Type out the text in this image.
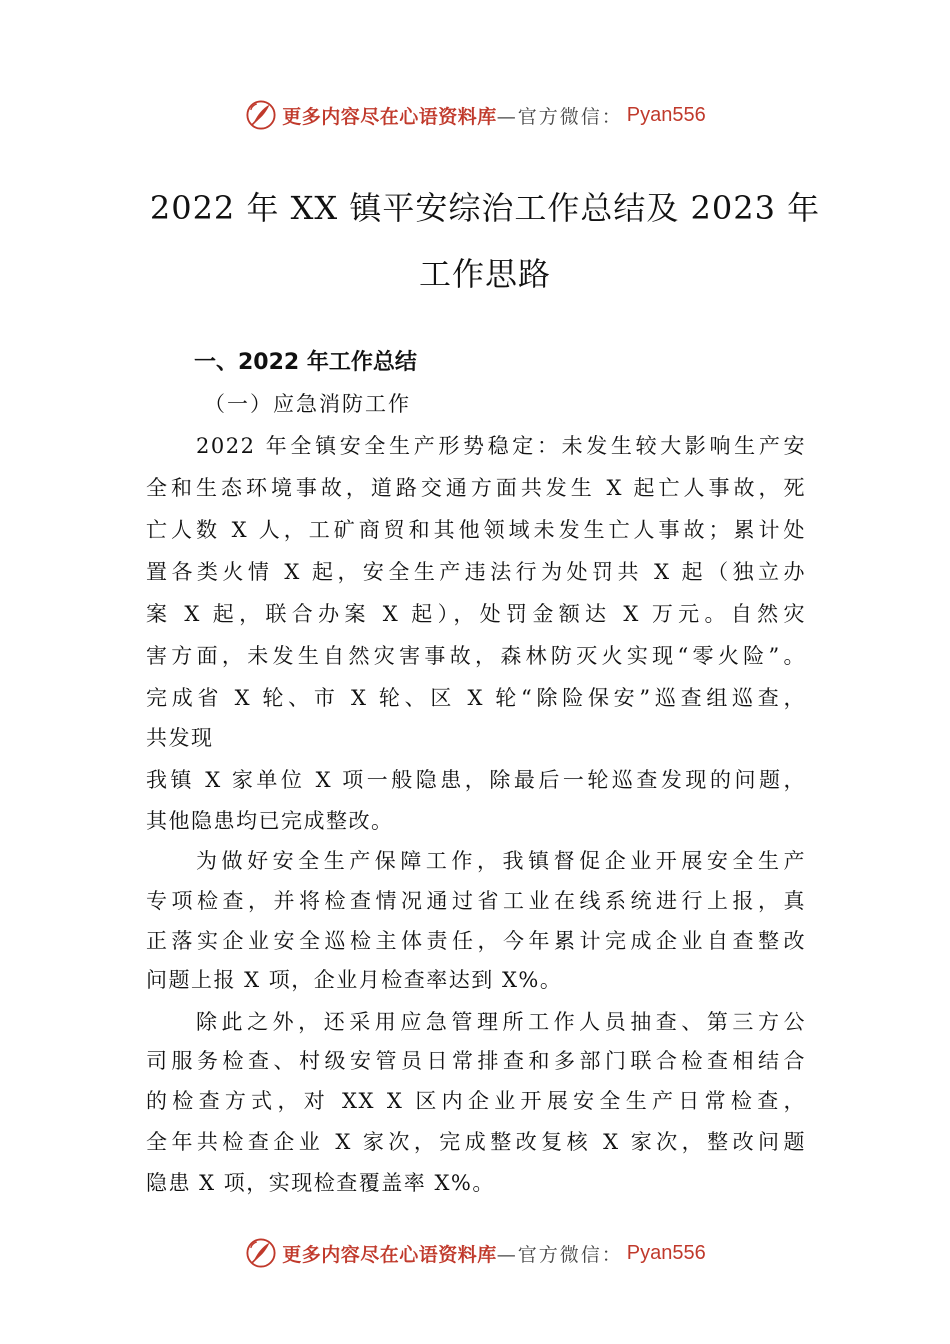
更多内容尽在心语资料库 —官方微信： Pyan556
2022 年 XX 镇平安综治工作总结及 2023 年
工作思路
一、2022 年工作总结
（一）应急消防工作
2022 年全镇安全生产形势稳定：未发生较大影响生产安
全和生态环境事故，道路交通方面共发生 X 起亡人事故，死
亡人数 X 人，工矿商贸和其他领域未发生亡人事故；累计处
置各类火情 X 起，安全生产违法行为处罚共 X 起（独立办
案 X 起，联合办案 X 起），处罚金额达 X 万元。自然灾
害方面，未发生自然灾害事故，森林防灭火实现“零火险”。
完成省 X 轮、市 X 轮、区 X 轮“除险保安”巡查组巡查，
共发现
我镇 X 家单位 X 项一般隐患，除最后一轮巡查发现的问题，
其他隐患均已完成整改。
为做好安全生产保障工作，我镇督促企业开展安全生产
专项检查，并将检查情况通过省工业在线系统进行上报，真
正落实企业安全巡检主体责任，今年累计完成企业自查整改
问题上报 X 项，企业月检查率达到 X%。
除此之外，还采用应急管理所工作人员抽查、第三方公
司服务检查、村级安管员日常排查和多部门联合检查相结合
的检查方式，对 XX X 区内企业开展安全生产日常检查，
全年共检查企业 X 家次，完成整改复核 X 家次，整改问题
隐患 X 项，实现检查覆盖率 X%。
更多内容尽在心语资料库 —官方微信： Pyan556
